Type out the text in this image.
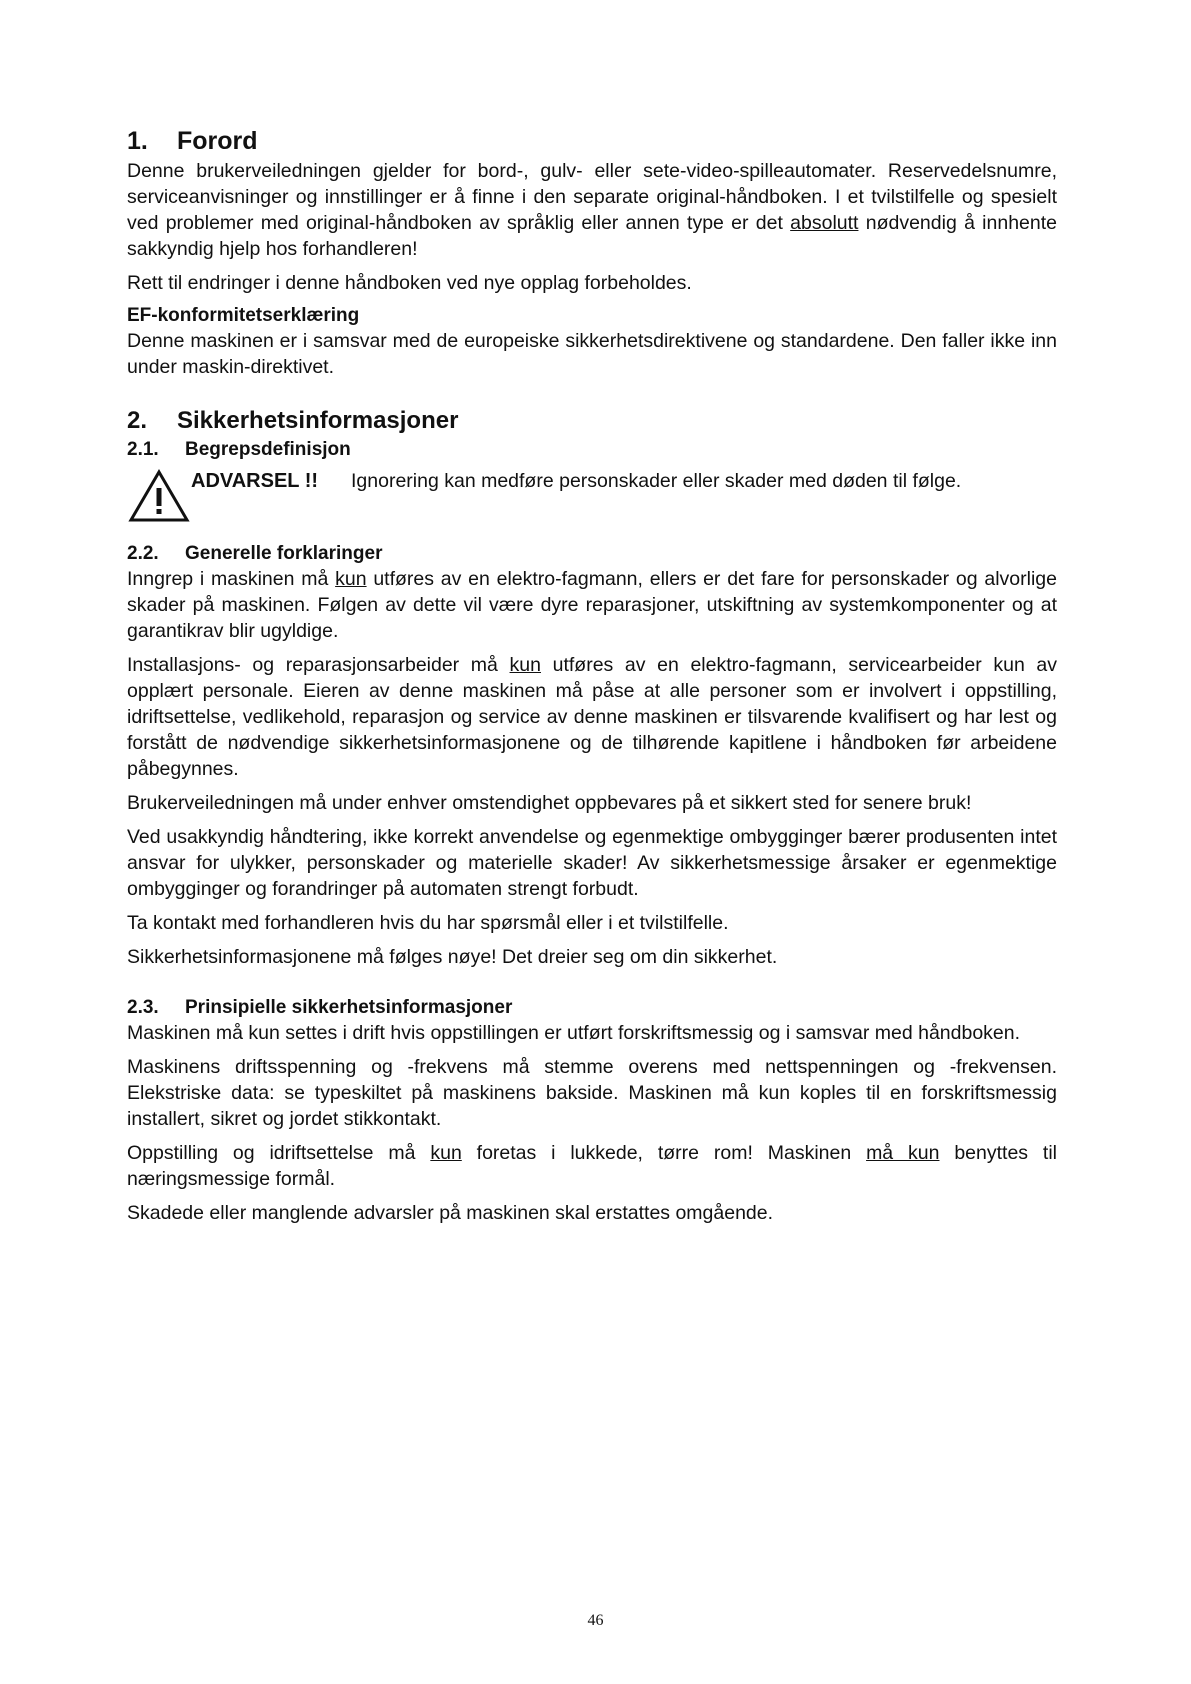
1. Forord

Denne brukerveiledningen gjelder for bord-, gulv- eller sete-video-spilleautomater. Reservedelsnumre, serviceanvisninger og innstillinger er å finne i den separate original-håndboken. I et tvilstilfelle og spesielt ved problemer med original-håndboken av språklig eller annen type er det absolutt nødvendig å innhente sakkyndig hjelp hos forhandleren!

Rett til endringer i denne håndboken ved nye opplag forbeholdes.

EF-konformitetserklæring

Denne maskinen er i samsvar med de europeiske sikkerhetsdirektivene og standardene. Den faller ikke inn under maskin-direktivet.

2. Sikkerhetsinformasjoner
2.1. Begrepsdefinisjon
ADVARSEL !!	Ignorering kan medføre personskader eller skader med døden til følge.
2.2. Generelle forklaringer

Inngrep i maskinen må kun utføres av en elektro-fagmann, ellers er det fare for personskader og alvorlige skader på maskinen. Følgen av dette vil være dyre reparasjoner, utskiftning av systemkomponenter og at garantikrav blir ugyldige.

Installasjons- og reparasjonsarbeider må kun utføres av en elektro-fagmann, servicearbeider kun av opplært personale. Eieren av denne maskinen må påse at alle personer som er involvert i oppstilling, idriftsettelse, vedlikehold, reparasjon og service av denne maskinen er tilsvarende kvalifisert og har lest og forstått de nødvendige sikkerhetsinformasjonene og de tilhørende kapitlene i håndboken før arbeidene påbegynnes.

Brukerveiledningen må under enhver omstendighet oppbevares på et sikkert sted for senere bruk!

Ved usakkyndig håndtering, ikke korrekt anvendelse og egenmektige ombygginger bærer produsenten intet ansvar for ulykker, personskader og materielle skader! Av sikkerhetsmessige årsaker er egenmektige ombygginger og forandringer på automaten strengt forbudt.

Ta kontakt med forhandleren hvis du har spørsmål eller i et tvilstilfelle.

Sikkerhetsinformasjonene må følges nøye! Det dreier seg om din sikkerhet.

2.3. Prinsipielle sikkerhetsinformasjoner

Maskinen må kun settes i drift hvis oppstillingen er utført forskriftsmessig og i samsvar med håndboken.

Maskinens driftsspenning og -frekvens må stemme overens med nettspenningen og -frekvensen. Elekstriske data: se typeskiltet på maskinens bakside. Maskinen må kun koples til en forskriftsmessig installert, sikret og jordet stikkontakt.

Oppstilling og idriftsettelse må kun foretas i lukkede, tørre rom! Maskinen må kun benyttes til næringsmessige formål.

Skadede eller manglende advarsler på maskinen skal erstattes omgående.

46
